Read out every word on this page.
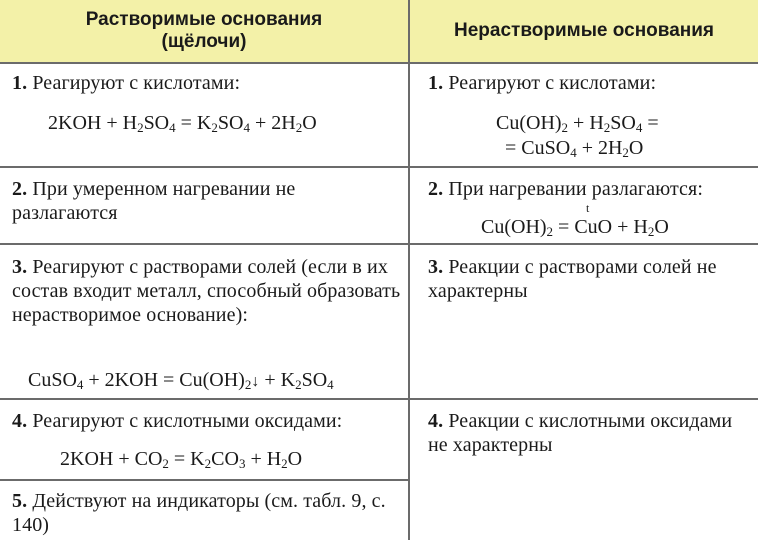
Растворимые основания
(щёлочи)
Нерастворимые основания
1. Реагируют с кислотами:
$2KOH + H_2SO_4 = K_2SO_4 + 2H_2O$
2. При умеренном нагревании не разлагаются
3. Реагируют с растворами солей (если в их состав входит металл, способный образовать нерастворимое основание):
CuSO$_4$ + $2KOH = Cu(OH)_2↓ + K_2SO_4$
4. Реагируют с кислотными оксидами:
$2KOH + CO_2 = K_2CO_3 + H_2O$
5. Действуют на индикаторы (см. табл. 9, с. 140)
1. Реагируют с кислотами:
$Cu(OH)_2 + H_2SO_4$ =
= CuSO$_4$ + $2H_2O$
2. При нагревании разлагаются:
$Cu(OH)_2$ = CuO + $H_2O$
t
3. Реакции с растворами солей не характерны
4. Реакции с кислотными оксидами не характерны
